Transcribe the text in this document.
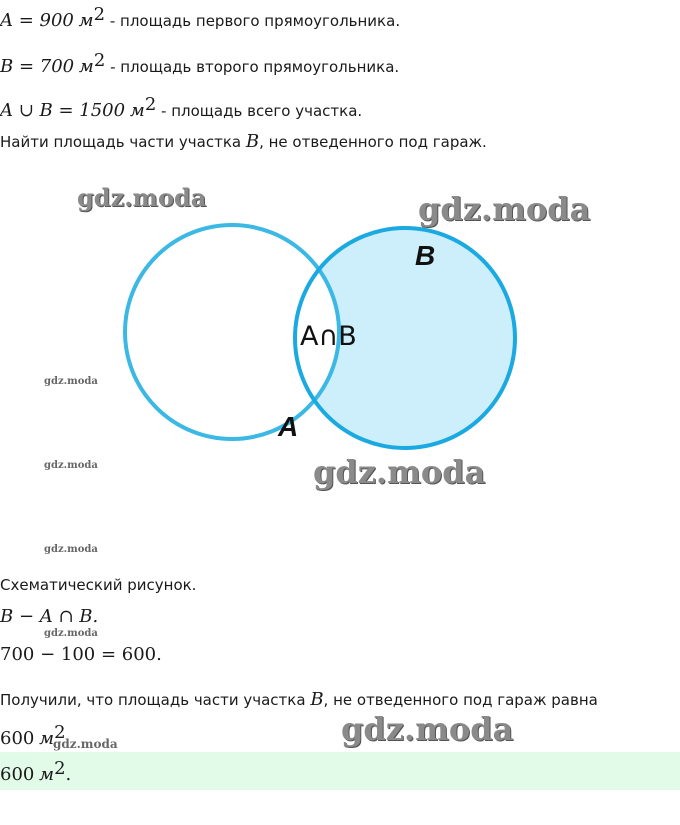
A = 900 $м^2$ - площадь первого прямоугольника.
B = 700 $м^2$ - площадь второго прямоугольника.
A ∪ B = 1500 $м^2$ - площадь всего участка.
Найти площадь части участка B, не отведенного под гараж.
B
A
A∩B
gdz.moda	gdz.moda
gdz.moda
gdz.moda
gdz.moda
gdz.moda
gdz.moda
gdz.moda
gdz.moda
Схематический рисунок.
B − A ∩ B.
700 − 100 = 600.
Получили, что площадь части участка B, не отведенного под гараж равна
600 $м^2$
600 $м^2$.
